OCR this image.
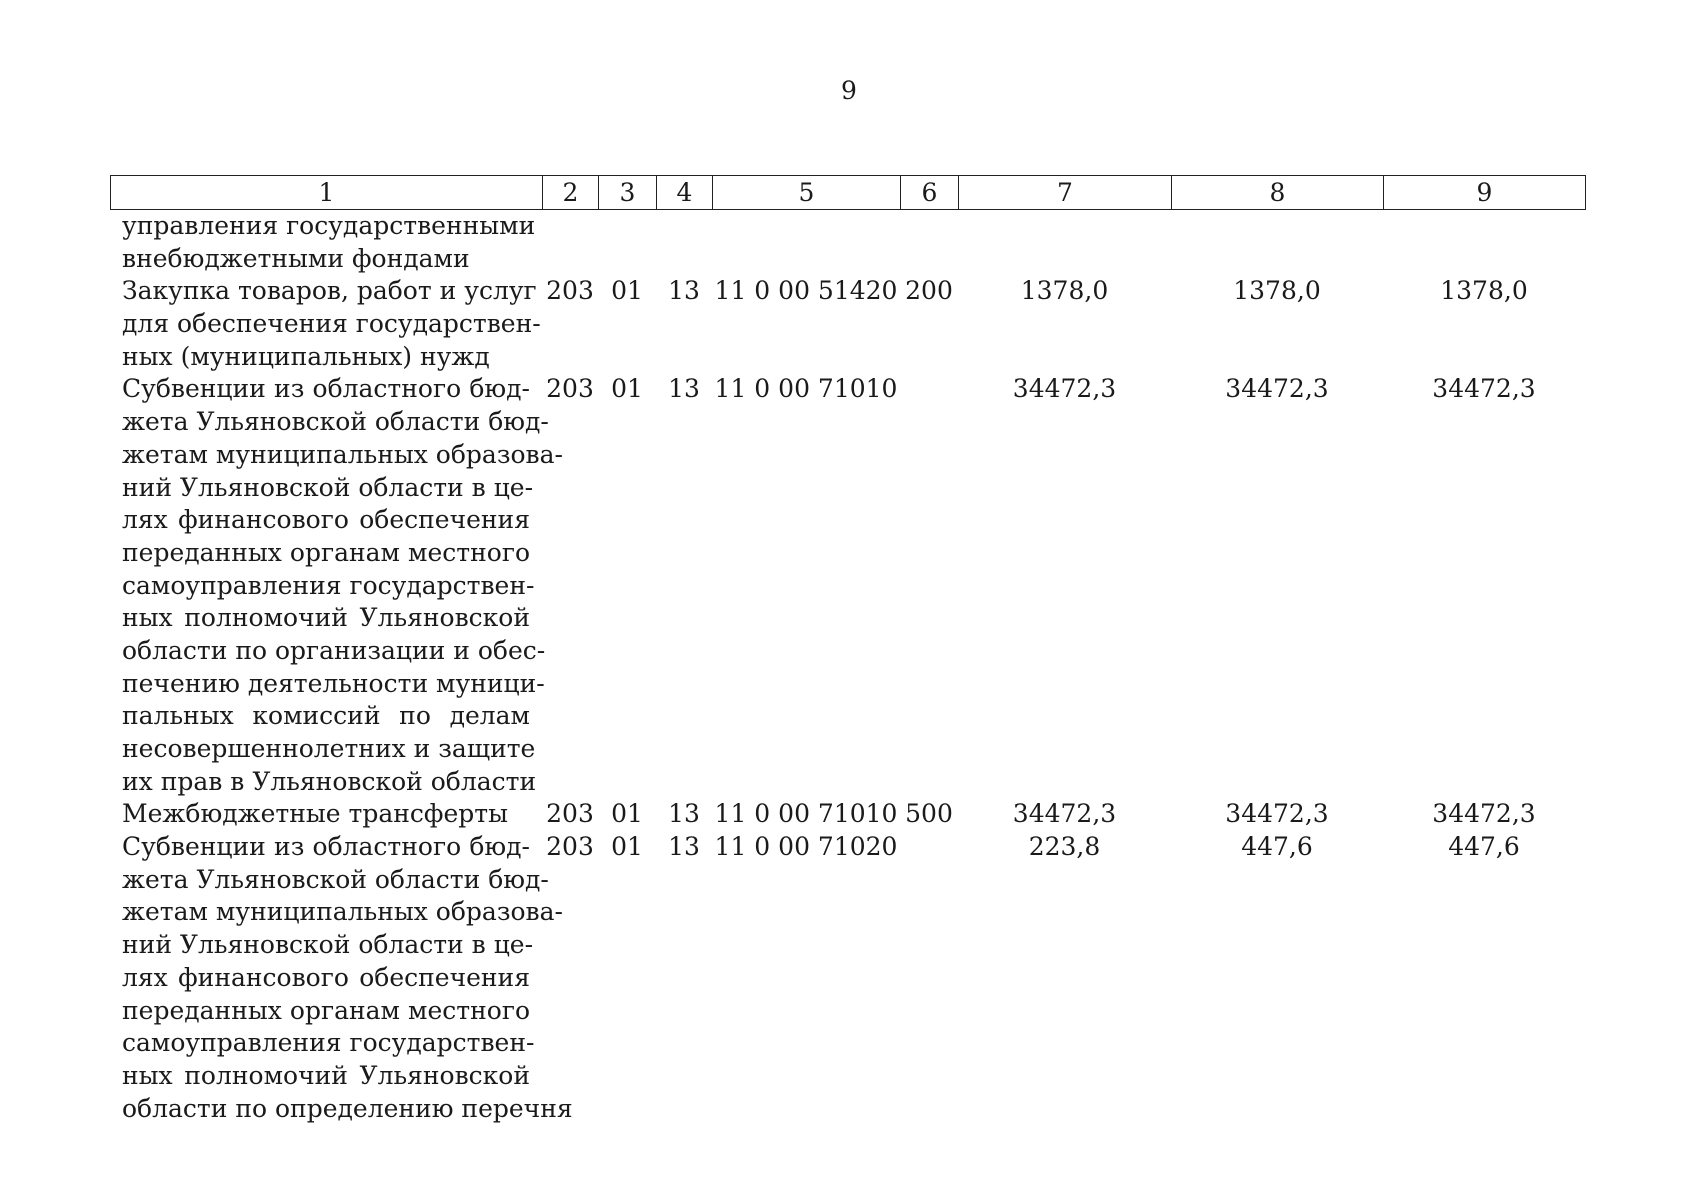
9
1	2	3	4	5	6	7	8	9
управления государственными
внебюджетными фондами
Закупка товаров, работ и услуг
для обеспечения государствен-
ных (муниципальных) нужд
203 01	13 11 0 00 51420 200	1378,0	1378,0	1378,0
Субвенции из областного бюд-
жета Ульяновской области бюд-
жетам муниципальных образова-
ний Ульяновской области в це-
лях финансового обеспечения
переданных органам местного
самоуправления государствен-
ных полномочий Ульяновской
области по организации и обес-
печению деятельности муници-
пальных комиссий по делам
несовершеннолетних и защите
их прав в Ульяновской области
203 01	13 11 0 00 71010	34472,3	34472,3	34472,3
Межбюджетные трансферты	203 01	13 11 0 00 71010 500	34472,3	34472,3	34472,3
Субвенции из областного бюд-
жета Ульяновской области бюд-
жетам муниципальных образова-
ний Ульяновской области в це-
лях финансового обеспечения
переданных органам местного
самоуправления государствен-
ных полномочий Ульяновской
области по определению перечня
203 01	13 11 0 00 71020	223,8	447,6	447,6
